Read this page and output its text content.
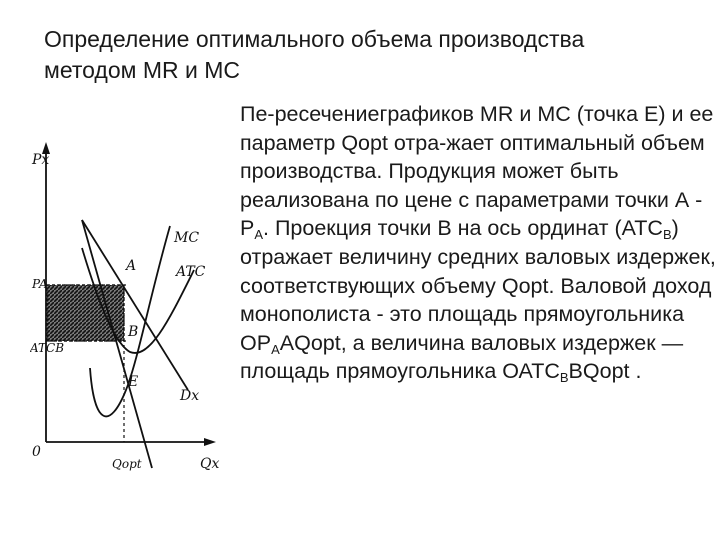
Определение оптимального объема производства
методом MR и MC
Px
Qx
0
PA
ATCB
Qopt
MC
ATC
Dx
A
B
E
Пе-ресечениеграфиков MR и MC (точка Е) и ее параметр Qopt отра-жает оптимальный объем производства. Продукция может быть реализована по цене с параметрами точки А - $Р_А$. Проекция точки В на ось ординат $(АТС_В)$ отражает величину средних валовых издержек, соответствующих объему Qopt. Валовой доход монополиста - это площадь прямоугольника $ОР_АAQopt$, а величина валовых издержек — площадь прямоугольника $ОАТС_ВBQopt$ .
